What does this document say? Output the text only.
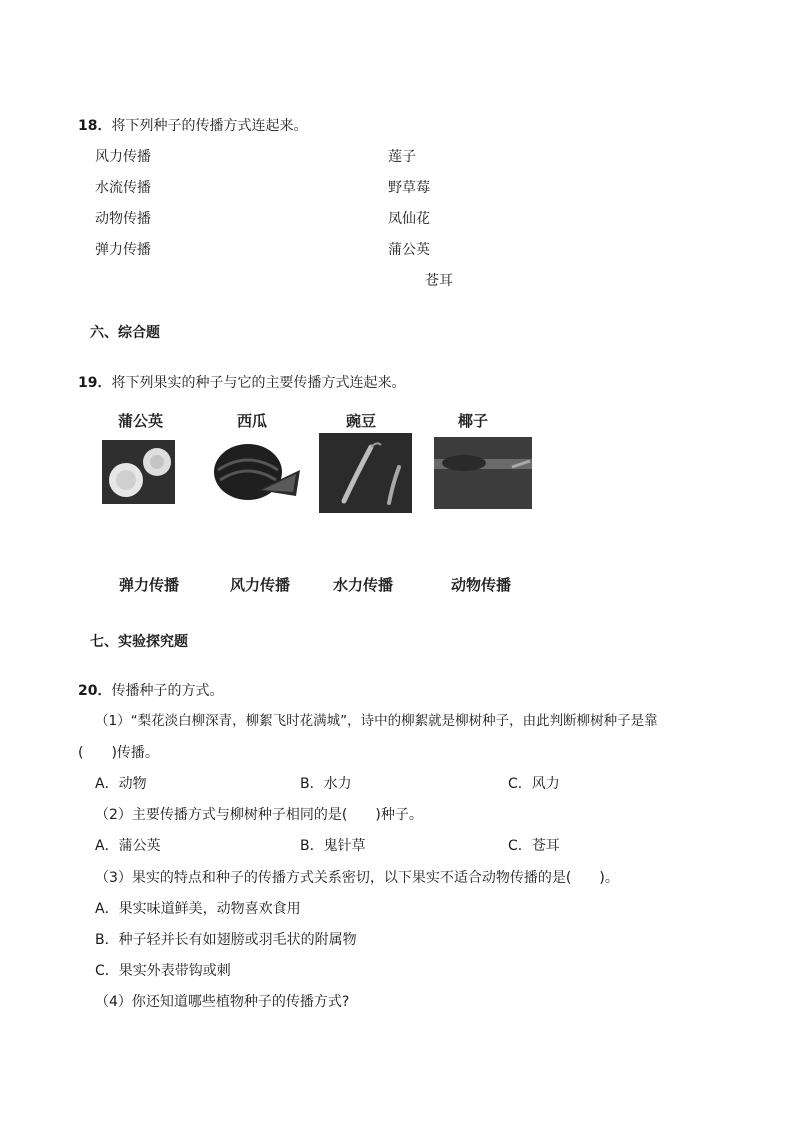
18．将下列种子的传播方式连起来。
风力传播
水流传播
动物传播
弹力传播
莲子
野草莓
凤仙花
蒲公英
苍耳
六、综合题
19．将下列果实的种子与它的主要传播方式连起来。
蒲公英	西瓜	豌豆	椰子
弹力传播	风力传播	水力传播	动物传播
七、实验探究题
20．传播种子的方式。
（1）“梨花淡白柳深青，柳絮飞时花满城”，诗中的柳絮就是柳树种子，由此判断柳树种子是靠
(　　)传播。
A．动物	B．水力	C．风力
（2）主要传播方式与柳树种子相同的是(　　)种子。
A．蒲公英	B．鬼针草	C．苍耳
（3）果实的特点和种子的传播方式关系密切，以下果实不适合动物传播的是(　　)。
A．果实味道鲜美，动物喜欢食用
B．种子轻并长有如翅膀或羽毛状的附属物
C．果实外表带钩或刺
（4）你还知道哪些植物种子的传播方式?
